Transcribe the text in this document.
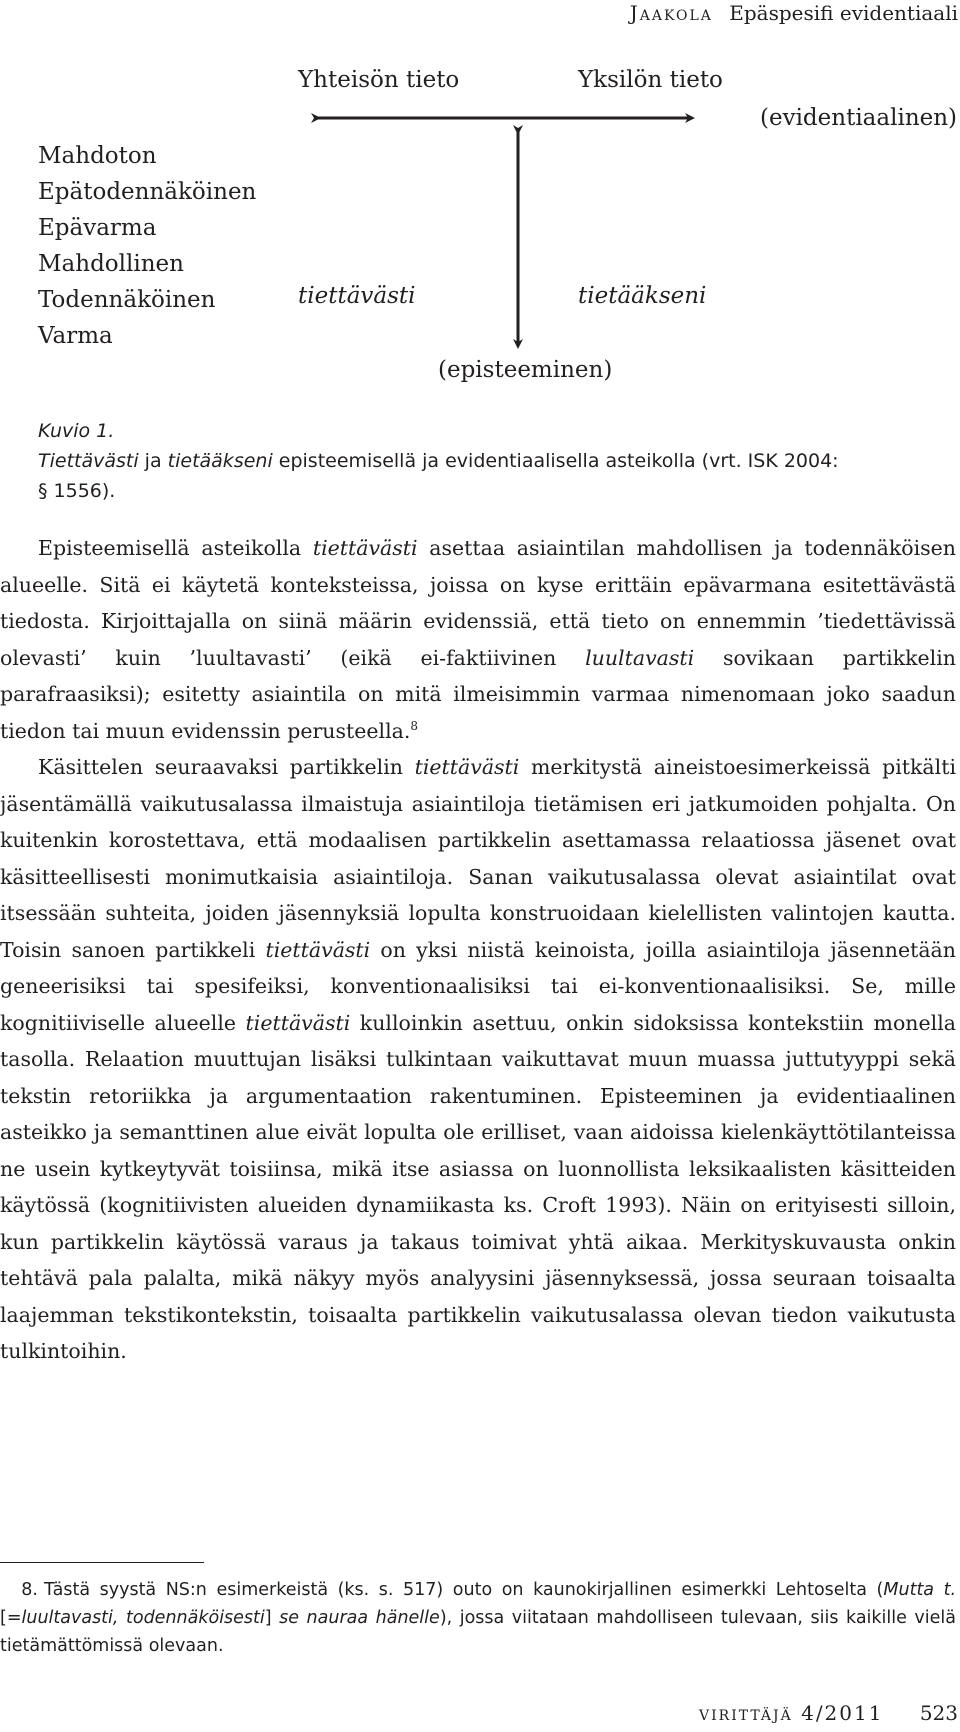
Jaakola Epäspesifi evidentiaali
Yhteisön tieto	Yksilön tieto
(evidentiaalinen)
Mahdoton
Epätodennäköinen
Epävarma
Mahdollinen
Todennäköinen
Varma
tiettävästi	tietääkseni
(episteeminen)
Kuvio 1.
Tiettävästi ja tietääkseni episteemisellä ja evidentiaalisella asteikolla (vrt. ISK 2004:
§ 1556).

Episteemisellä asteikolla tiettävästi asettaa asiaintilan mahdollisen ja todennäköisen alueelle. Sitä ei käytetä konteksteissa, joissa on kyse erittäin epävarmana esitettävästä tiedosta. Kirjoittajalla on siinä määrin evidenssiä, että tieto on ennemmin ’tiedettävissä olevasti’ kuin ’luultavasti’ (eikä ei-faktiivinen luultavasti sovikaan partikkelin parafraasiksi); esitetty asiaintila on mitä ilmeisimmin varmaa nimenomaan joko saadun tiedon tai muun evidenssin perusteella.$^8$

Käsittelen seuraavaksi partikkelin tiettävästi merkitystä aineistoesimerkeissä pitkälti jäsentämällä vaikutusalassa ilmaistuja asiaintiloja tietämisen eri jatkumoiden pohjalta. On kuitenkin korostettava, että modaalisen partikkelin asettamassa relaatiossa jäsenet ovat käsitteellisesti monimutkaisia asiaintiloja. Sanan vaikutusalassa olevat asiaintilat ovat itsessään suhteita, joiden jäsennyksiä lopulta konstruoidaan kielellisten valintojen kautta. Toisin sanoen partikkeli tiettävästi on yksi niistä keinoista, joilla asiaintiloja jäsennetään geneerisiksi tai spesifeiksi, konventionaalisiksi tai ei-konventionaalisiksi. Se, mille kognitiiviselle alueelle tiettävästi kulloinkin asettuu, onkin sidoksissa kontekstiin monella tasolla. Relaation muuttujan lisäksi tulkintaan vaikuttavat muun muassa juttutyyppi sekä tekstin retoriikka ja argumentaation rakentuminen. Episteeminen ja evidentiaalinen asteikko ja semanttinen alue eivät lopulta ole erilliset, vaan aidoissa kielenkäyttötilanteissa ne usein kytkeytyvät toisiinsa, mikä itse asiassa on luonnollista leksikaalisten käsitteiden käytössä (kognitiivisten alueiden dynamiikasta ks. Croft 1993). Näin on erityisesti silloin, kun partikkelin käytössä varaus ja takaus toimivat yhtä aikaa. Merkityskuvausta onkin tehtävä pala palalta, mikä näkyy myös analyysini jäsennyksessä, jossa seuraan toisaalta laajemman tekstikontekstin, toisaalta partikkelin vaikutusalassa olevan tiedon vaikutusta tulkintoihin.

8. Tästä syystä NS:n esimerkeistä (ks. s. 517) outo on kaunokirjallinen esimerkki Lehtoselta (Mutta t. [=luultavasti, todennäköisesti] se nauraa hänelle), jossa viitataan mahdolliseen tulevaan, siis kaikille vielä tietämättömissä olevaan.
virittäjä 4/2011 523
